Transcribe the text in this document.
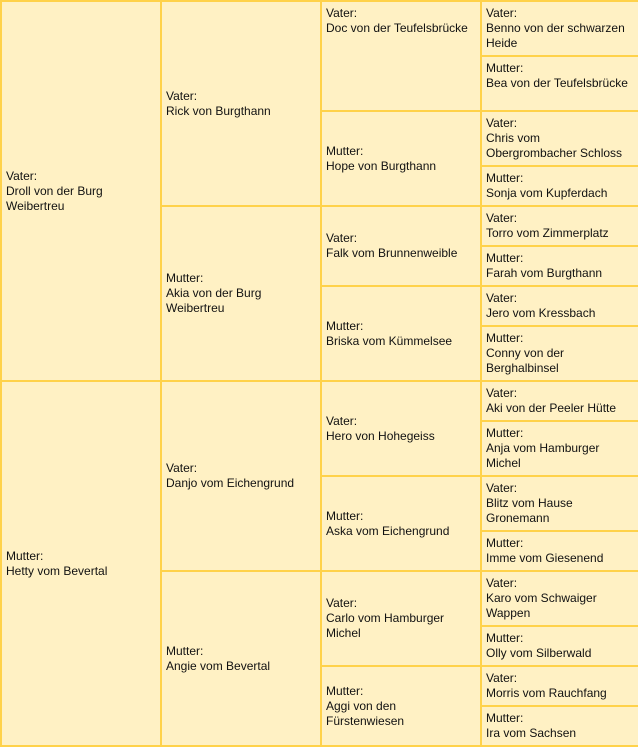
Vater:
Droll von der Burg Weibertreu	Vater:
Rick von Burgthann	Vater:
Doc von der Teufelsbrücke	Vater:
Benno von der schwarzen Heide

			Mutter:
Bea von der Teufelsbrücke

		Mutter:
Hope von Burgthann	Vater:
Chris vom Obergrombacher Schloss

			Mutter:
Sonja vom Kupferdach

	Mutter:
Akia von der Burg Weibertreu	Vater:
Falk vom Brunnenweible	Vater:
Torro vom Zimmerplatz

			Mutter:
Farah vom Burgthann

		Mutter:
Briska vom Kümmelsee	Vater:
Jero vom Kressbach

			Mutter:
Conny von der Berghalbinsel

Mutter:
Hetty vom Bevertal	Vater:
Danjo vom Eichengrund	Vater:
Hero von Hohegeiss	Vater:
Aki von der Peeler Hütte

			Mutter:
Anja vom Hamburger Michel

		Mutter:
Aska vom Eichengrund	Vater:
Blitz vom Hause Gronemann

			Mutter:
Imme vom Giesenend

	Mutter:
Angie vom Bevertal	Vater:
Carlo vom Hamburger Michel	Vater:
Karo vom Schwaiger Wappen

			Mutter:
Olly vom Silberwald

		Mutter:
Aggi von den Fürstenwiesen	Vater:
Morris vom Rauchfang

			Mutter:
Ira vom Sachsen
